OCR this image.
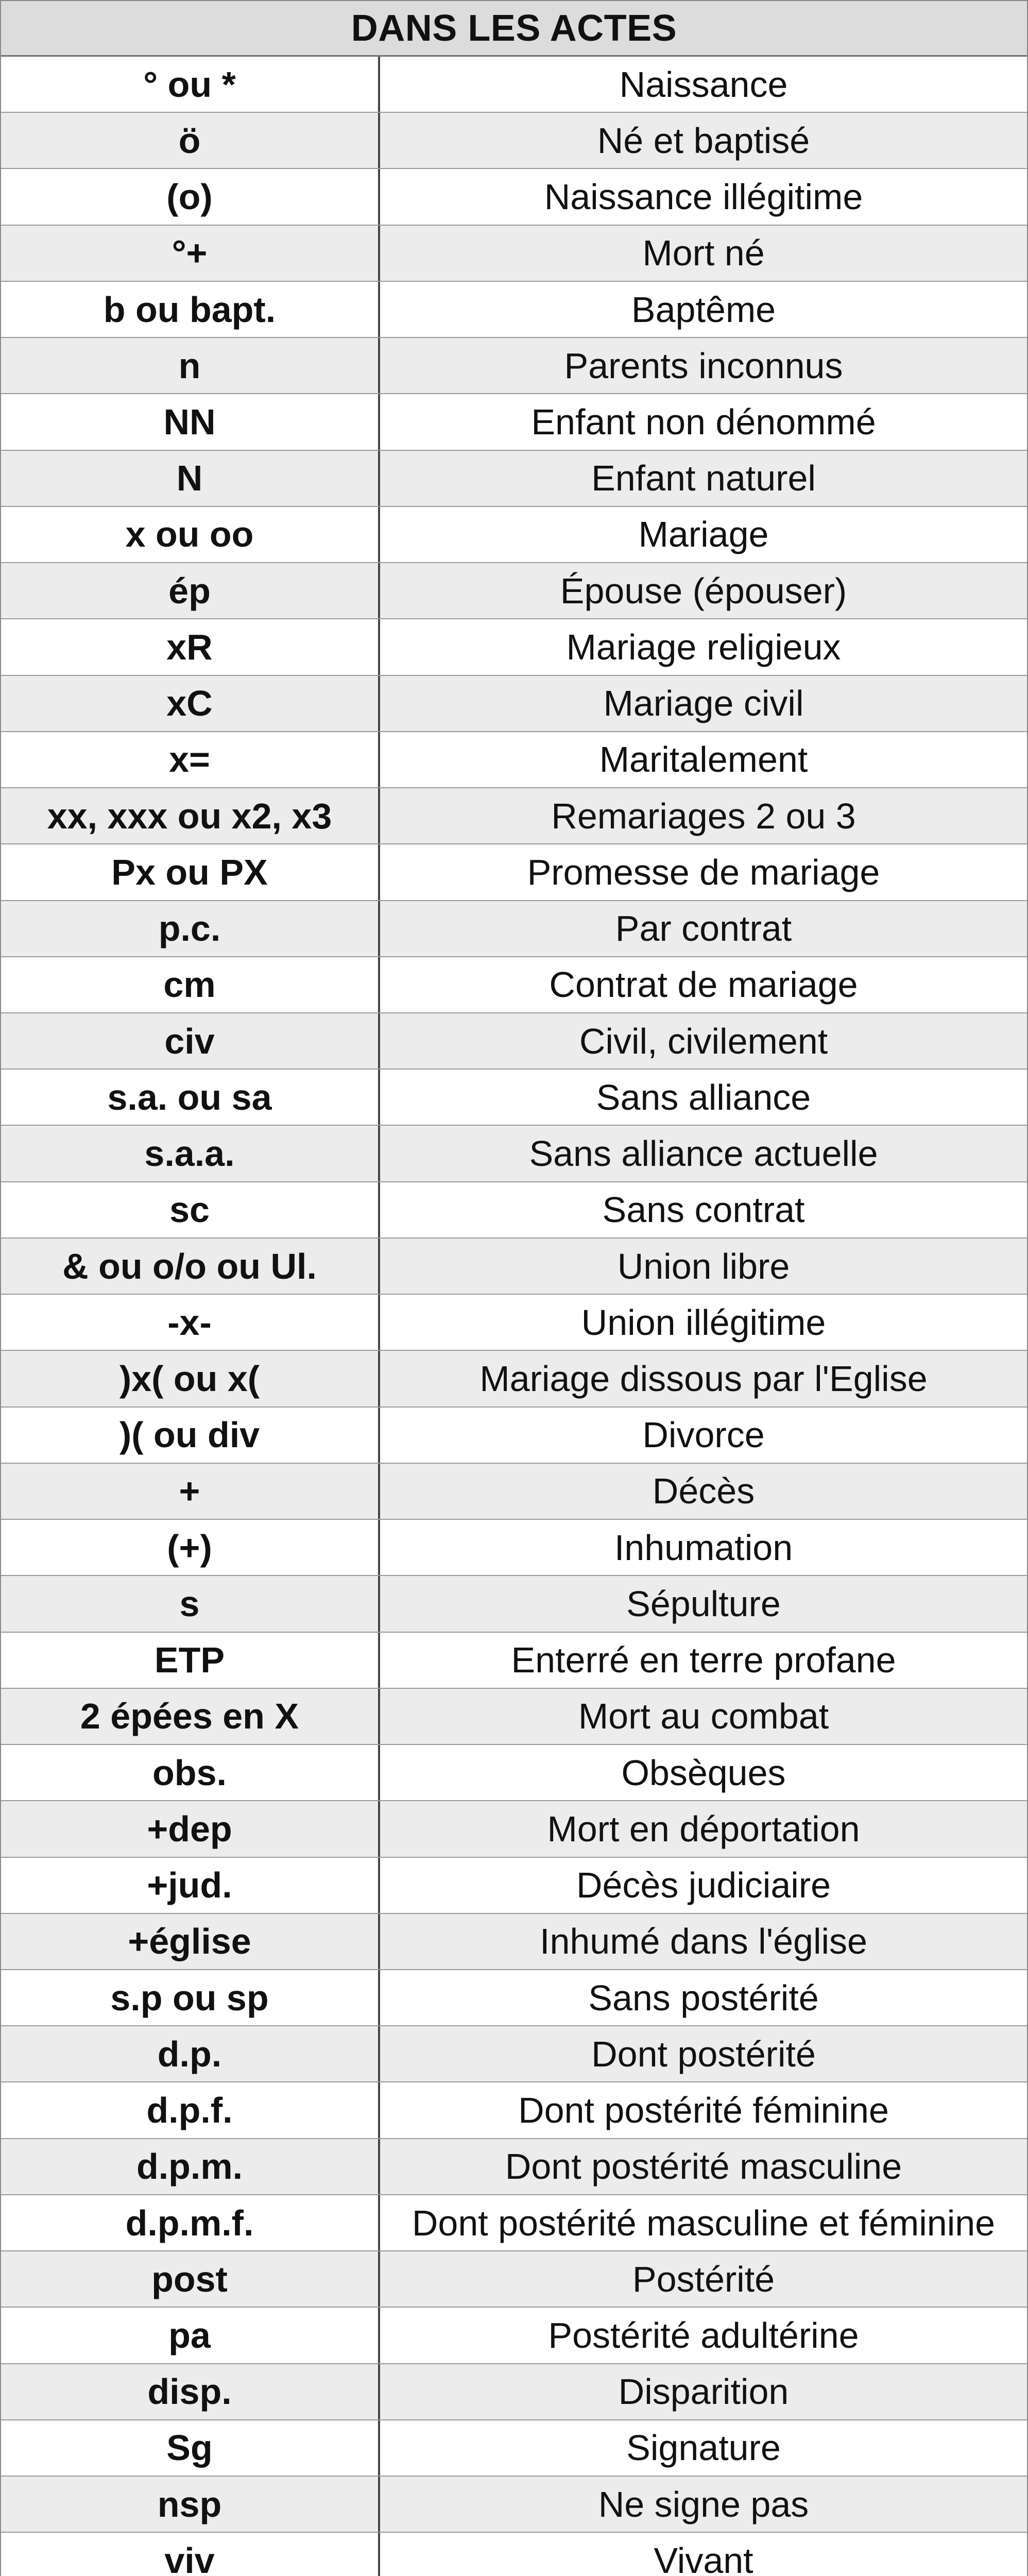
DANS LES ACTES
° ou *	Naissance
ö	Né et baptisé
(o)	Naissance illégitime
°+	Mort né
b ou bapt.	Baptême
n	Parents inconnus
NN	Enfant non dénommé
N	Enfant naturel
x ou oo	Mariage
ép	Épouse (épouser)
xR	Mariage religieux
xC	Mariage civil
x=	Maritalement
xx, xxx ou x2, x3	Remariages 2 ou 3
Px ou PX	Promesse de mariage
p.c.	Par contrat
cm	Contrat de mariage
civ	Civil, civilement
s.a. ou sa	Sans alliance
s.a.a.	Sans alliance actuelle
sc	Sans contrat
& ou o/o ou Ul.	Union libre
-x-	Union illégitime
)x( ou x(	Mariage dissous par l'Eglise
)( ou div	Divorce
+	Décès
(+)	Inhumation
s	Sépulture
ETP	Enterré en terre profane
2 épées en X	Mort au combat
obs.	Obsèques
+dep	Mort en déportation
+jud.	Décès judiciaire
+église	Inhumé dans l'église
s.p ou sp	Sans postérité
d.p.	Dont postérité
d.p.f.	Dont postérité féminine
d.p.m.	Dont postérité masculine
d.p.m.f.	Dont postérité masculine et féminine
post	Postérité
pa	Postérité adultérine
disp.	Disparition
Sg	Signature
nsp	Ne signe pas
viv	Vivant
